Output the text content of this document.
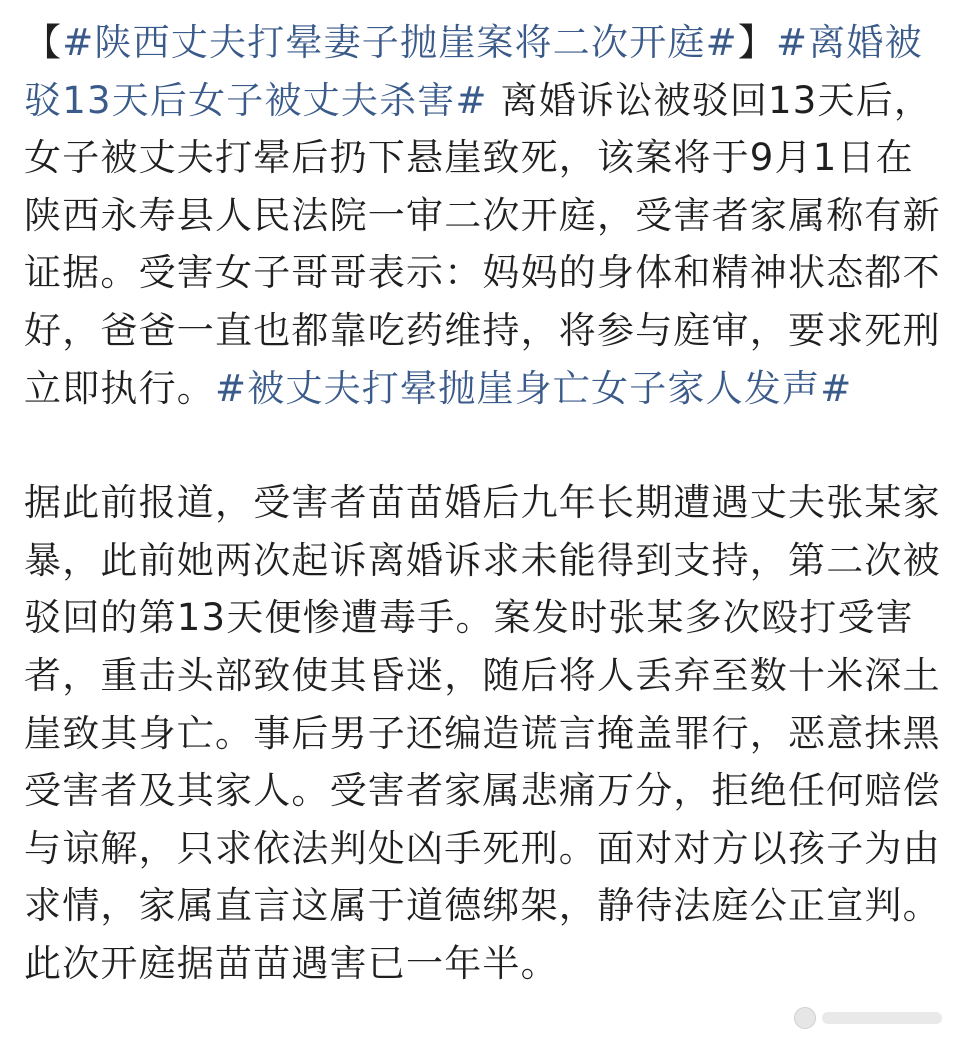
【#陕西丈夫打晕妻子抛崖案将二次开庭#】#离婚被驳13天后女子被丈夫杀害# 离婚诉讼被驳回13天后，女子被丈夫打晕后扔下悬崖致死，该案将于9月1日在陕西永寿县人民法院一审二次开庭，受害者家属称有新证据。受害女子哥哥表示：妈妈的身体和精神状态都不好，爸爸一直也都靠吃药维持，将参与庭审，要求死刑立即执行。#被丈夫打晕抛崖身亡女子家人发声#

据此前报道，受害者苗苗婚后九年长期遭遇丈夫张某家暴，此前她两次起诉离婚诉求未能得到支持，第二次被驳回的第13天便惨遭毒手。案发时张某多次殴打受害者，重击头部致使其昏迷，随后将人丢弃至数十米深土崖致其身亡。事后男子还编造谎言掩盖罪行，恶意抹黑受害者及其家人。受害者家属悲痛万分，拒绝任何赔偿与谅解，只求依法判处凶手死刑。面对对方以孩子为由求情，家属直言这属于道德绑架，静待法庭公正宣判。此次开庭据苗苗遇害已一年半。
